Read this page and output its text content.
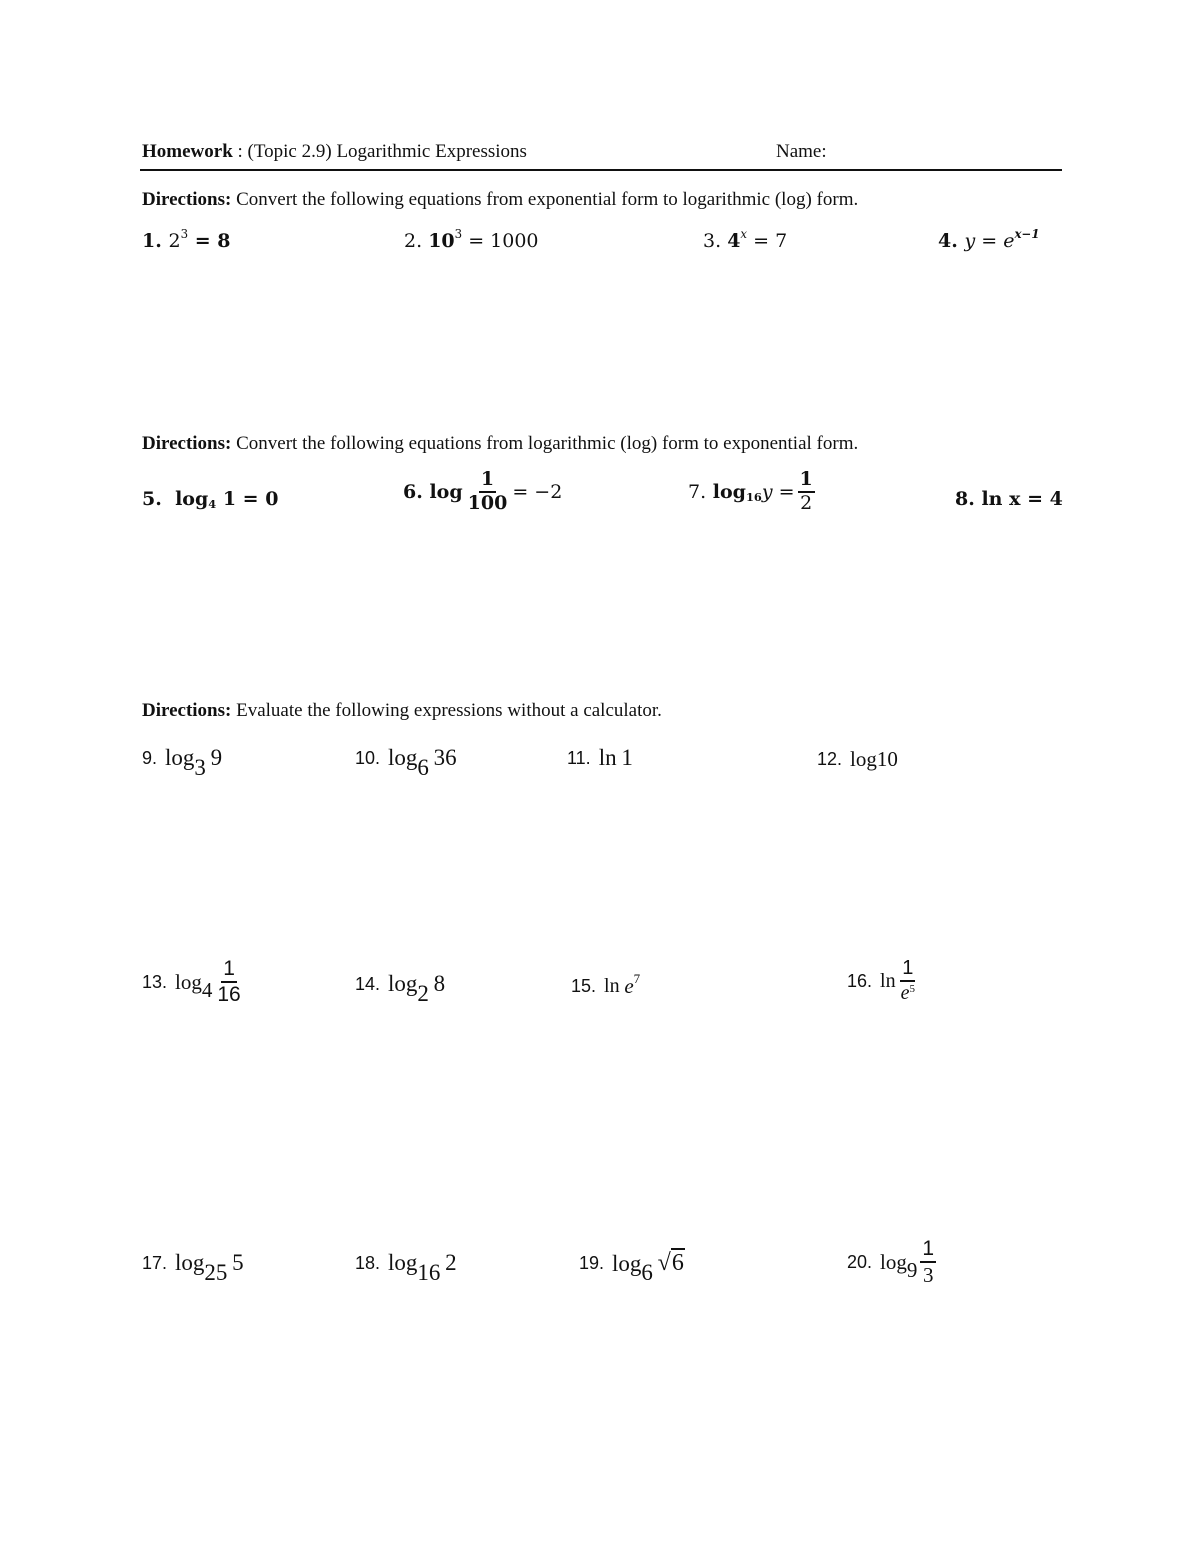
Homework : (Topic 2.9) Logarithmic Expressions	Name:
Directions: Convert the following equations from exponential form to logarithmic (log) form.
1.
$2^3$
= 8	2.
$10^3$
= 1000	3.
4$^x$
= 7	4.
$y = e^{x-1}$
Directions: Convert the following equations from logarithmic (log) form to exponential form.
5.
$\log_4$
1 = 0	6.
$\log \frac{1}{100} = -2$	7.
$\log_{16} y = \frac{1}{2}$	8.
ln
x = 4
Directions: Evaluate the following expressions without a calculator.
9. $\log_3$
9	10. $\log_6$
36	11. ln
1	12. log 10
13. $\log_4 \frac{1}{16}$	14. $\log_2$
8	15. ln
$e^7$	16. $\ln \frac{1}{e^5}$
17. $\log_{25}$
5	18. $\log_{16}$
2	19. $\log_6$
√6	20. $\log_9 \frac{1}{3}$
